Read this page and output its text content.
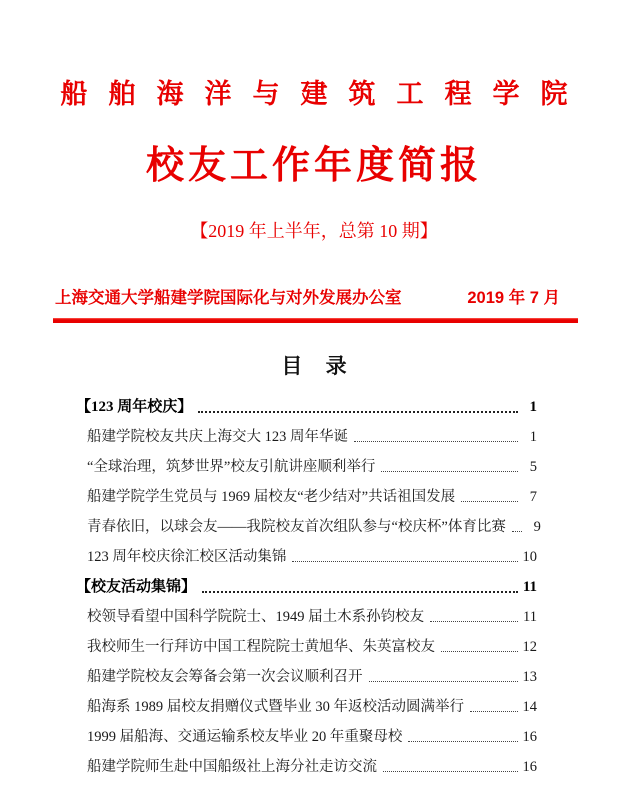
船舶海洋与建筑工程学院
校友工作年度简报
【2019 年上半年，总第 10 期】
上海交通大学船建学院国际化与对外发展办公室	2019 年 7 月
目 录
【123 周年校庆】	1
船建学院校友共庆上海交大 123 周年华诞	1
“全球治理，筑梦世界”校友引航讲座顺利举行	5
船建学院学生党员与 1969 届校友“老少结对”共话祖国发展	7
青春依旧，以球会友——我院校友首次组队参与“校庆杯”体育比赛	9
123 周年校庆徐汇校区活动集锦	10
【校友活动集锦】	11
校领导看望中国科学院院士、1949 届土木系孙钧校友	11
我校师生一行拜访中国工程院院士黄旭华、朱英富校友	12
船建学院校友会筹备会第一次会议顺利召开	13
船海系 1989 届校友捐赠仪式暨毕业 30 年返校活动圆满举行	14
1999 届船海、交通运输系校友毕业 20 年重聚母校	16
船建学院师生赴中国船级社上海分社走访交流	16
